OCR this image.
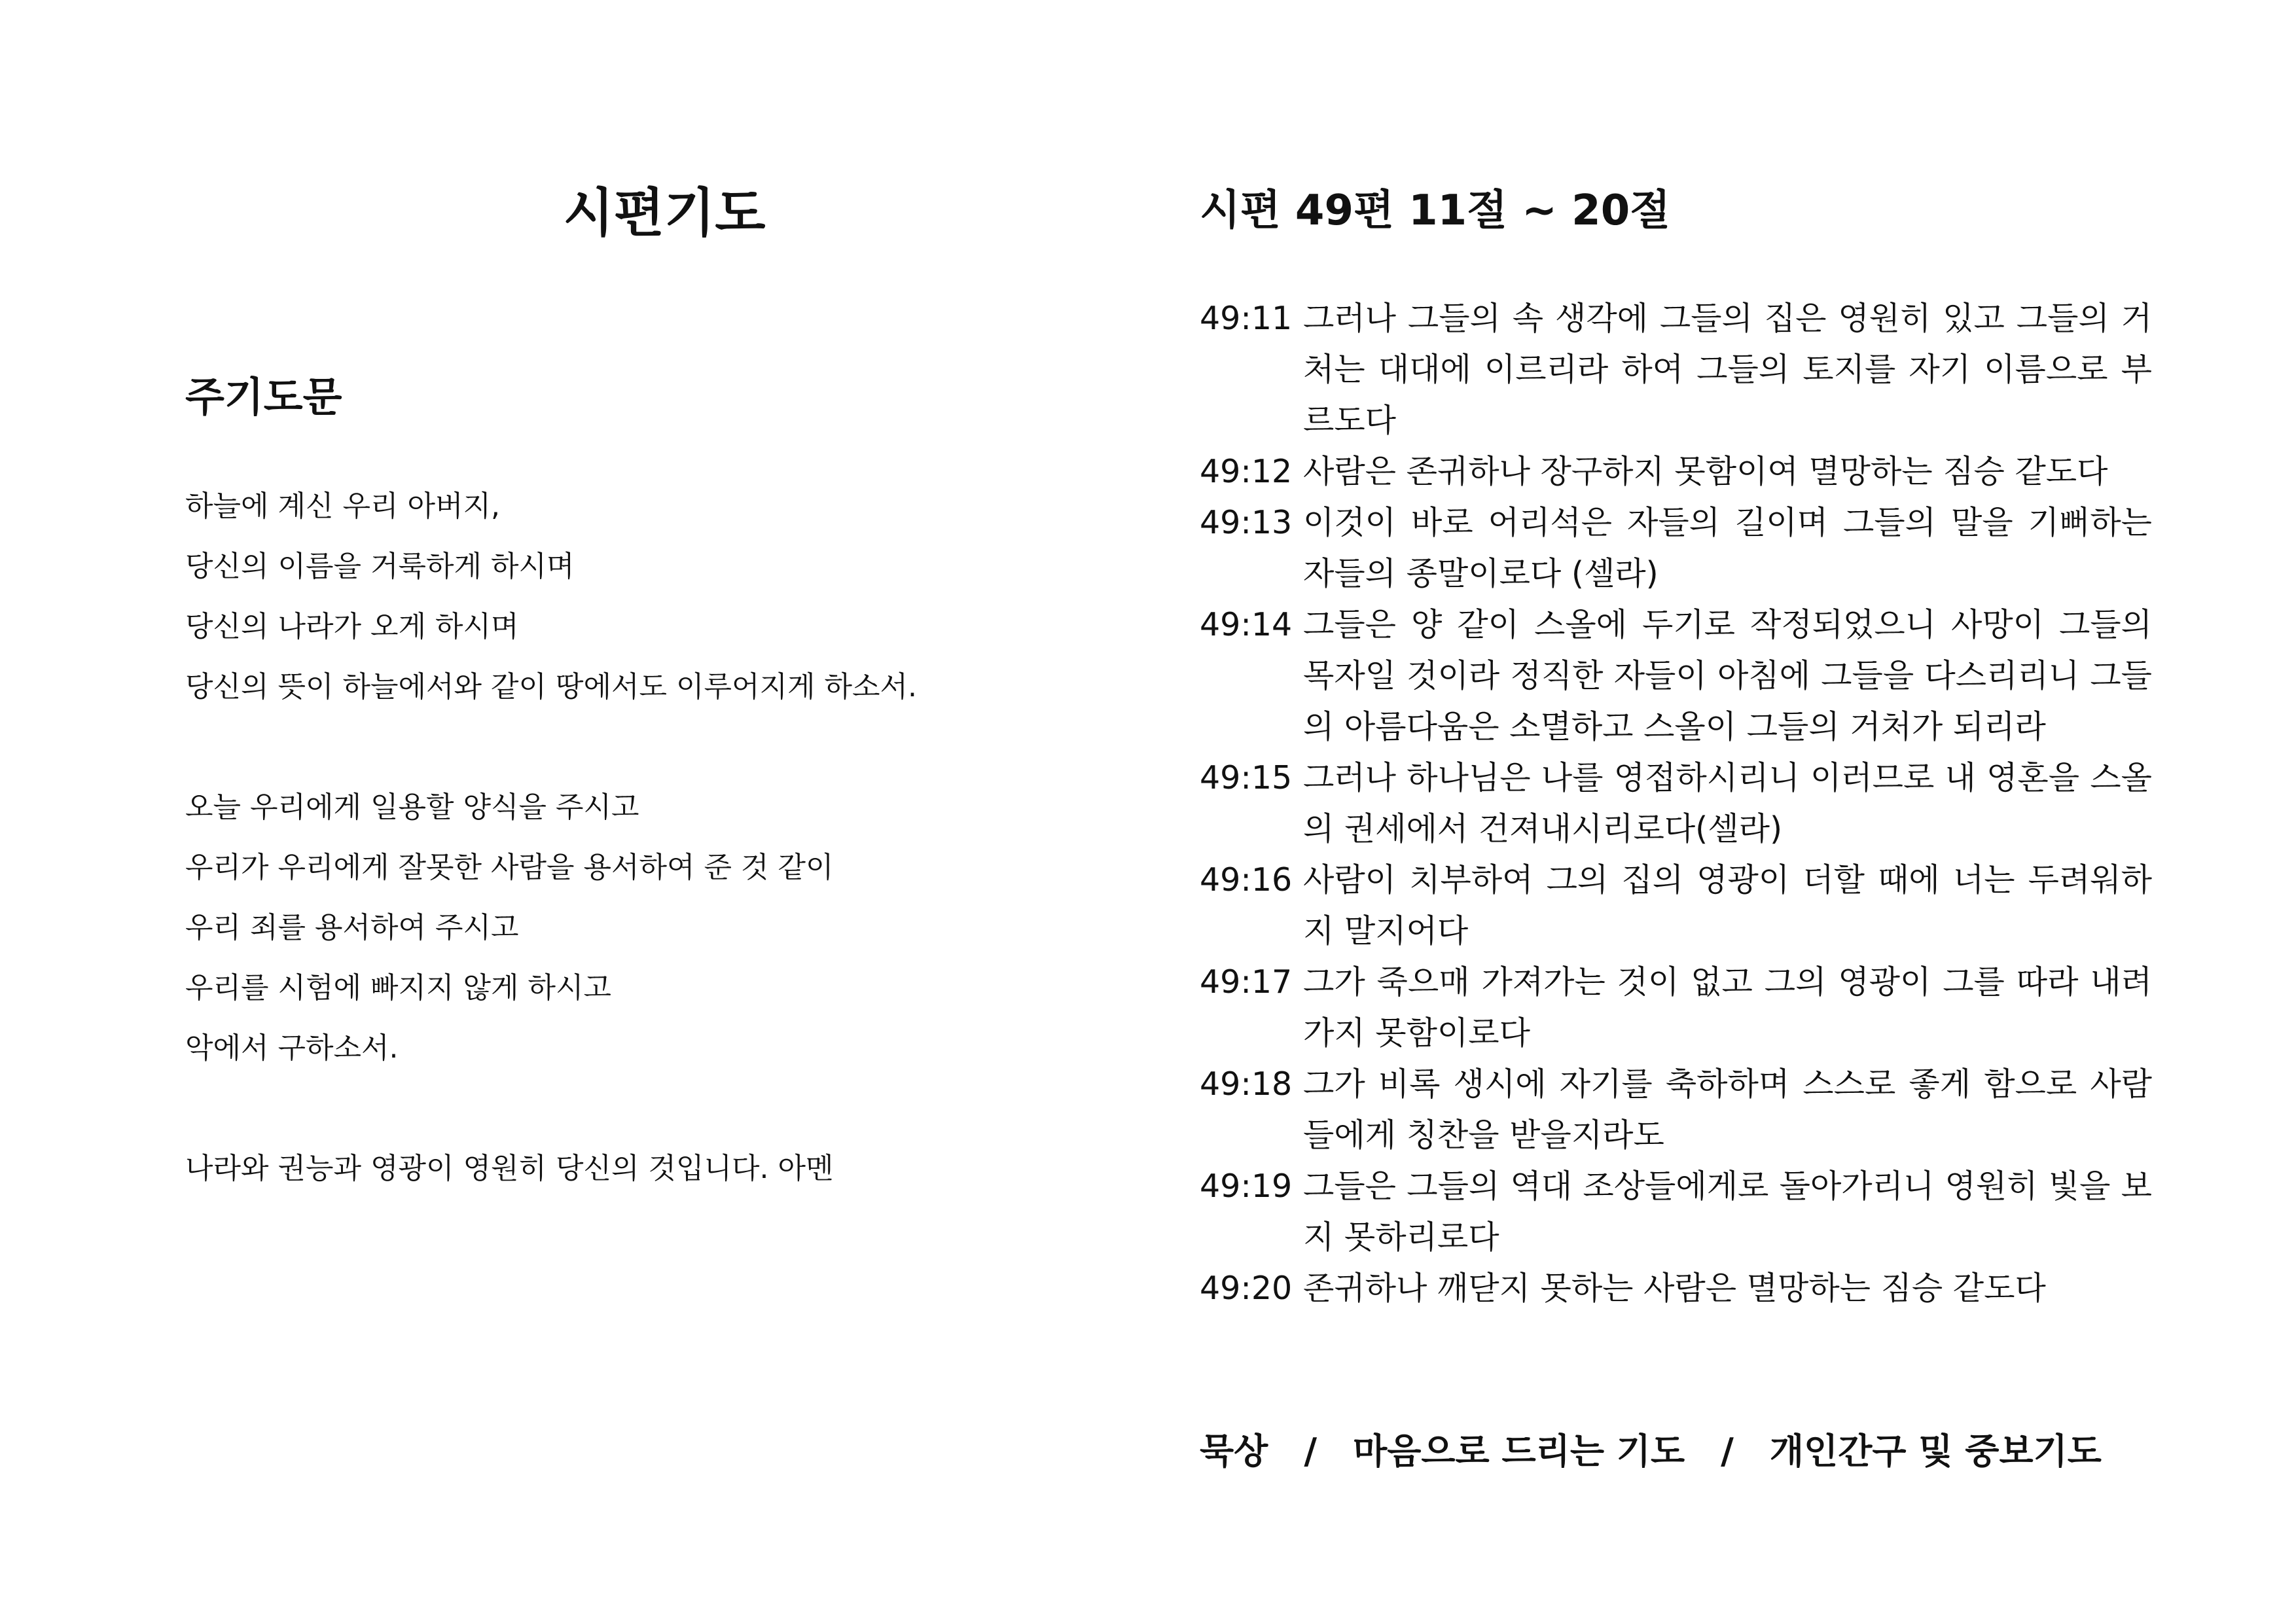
시편기도
주기도문
하늘에 계신 우리 아버지,
당신의 이름을 거룩하게 하시며
당신의 나라가 오게 하시며
당신의 뜻이 하늘에서와 같이 땅에서도 이루어지게 하소서.
오늘 우리에게 일용할 양식을 주시고
우리가 우리에게 잘못한 사람을 용서하여 준 것 같이
우리 죄를 용서하여 주시고
우리를 시험에 빠지지 않게 하시고
악에서 구하소서.
나라와 권능과 영광이 영원히 당신의 것입니다. 아멘
시편 49편 11절 ~ 20절
49:11 그러나 그들의 속 생각에 그들의 집은 영원히 있고 그들의 거처는 대대에 이르리라 하여 그들의 토지를 자기 이름으로 부르도다
49:12 사람은 존귀하나 장구하지 못함이여 멸망하는 짐승 같도다
49:13 이것이 바로 어리석은 자들의 길이며 그들의 말을 기뻐하는 자들의 종말이로다 (셀라)
49:14 그들은 양 같이 스올에 두기로 작정되었으니 사망이 그들의 목자일 것이라 정직한 자들이 아침에 그들을 다스리리니 그들의 아름다움은 소멸하고 스올이 그들의 거처가 되리라
49:15 그러나 하나님은 나를 영접하시리니 이러므로 내 영혼을 스올의 권세에서 건져내시리로다(셀라)
49:16 사람이 치부하여 그의 집의 영광이 더할 때에 너는 두려워하지 말지어다
49:17 그가 죽으매 가져가는 것이 없고 그의 영광이 그를 따라 내려가지 못함이로다
49:18 그가 비록 생시에 자기를 축하하며 스스로 좋게 함으로 사람들에게 칭찬을 받을지라도
49:19 그들은 그들의 역대 조상들에게로 돌아가리니 영원히 빛을 보지 못하리로다
49:20 존귀하나 깨닫지 못하는 사람은 멸망하는 짐승 같도다
묵상 / 마음으로 드리는 기도 / 개인간구 및 중보기도
